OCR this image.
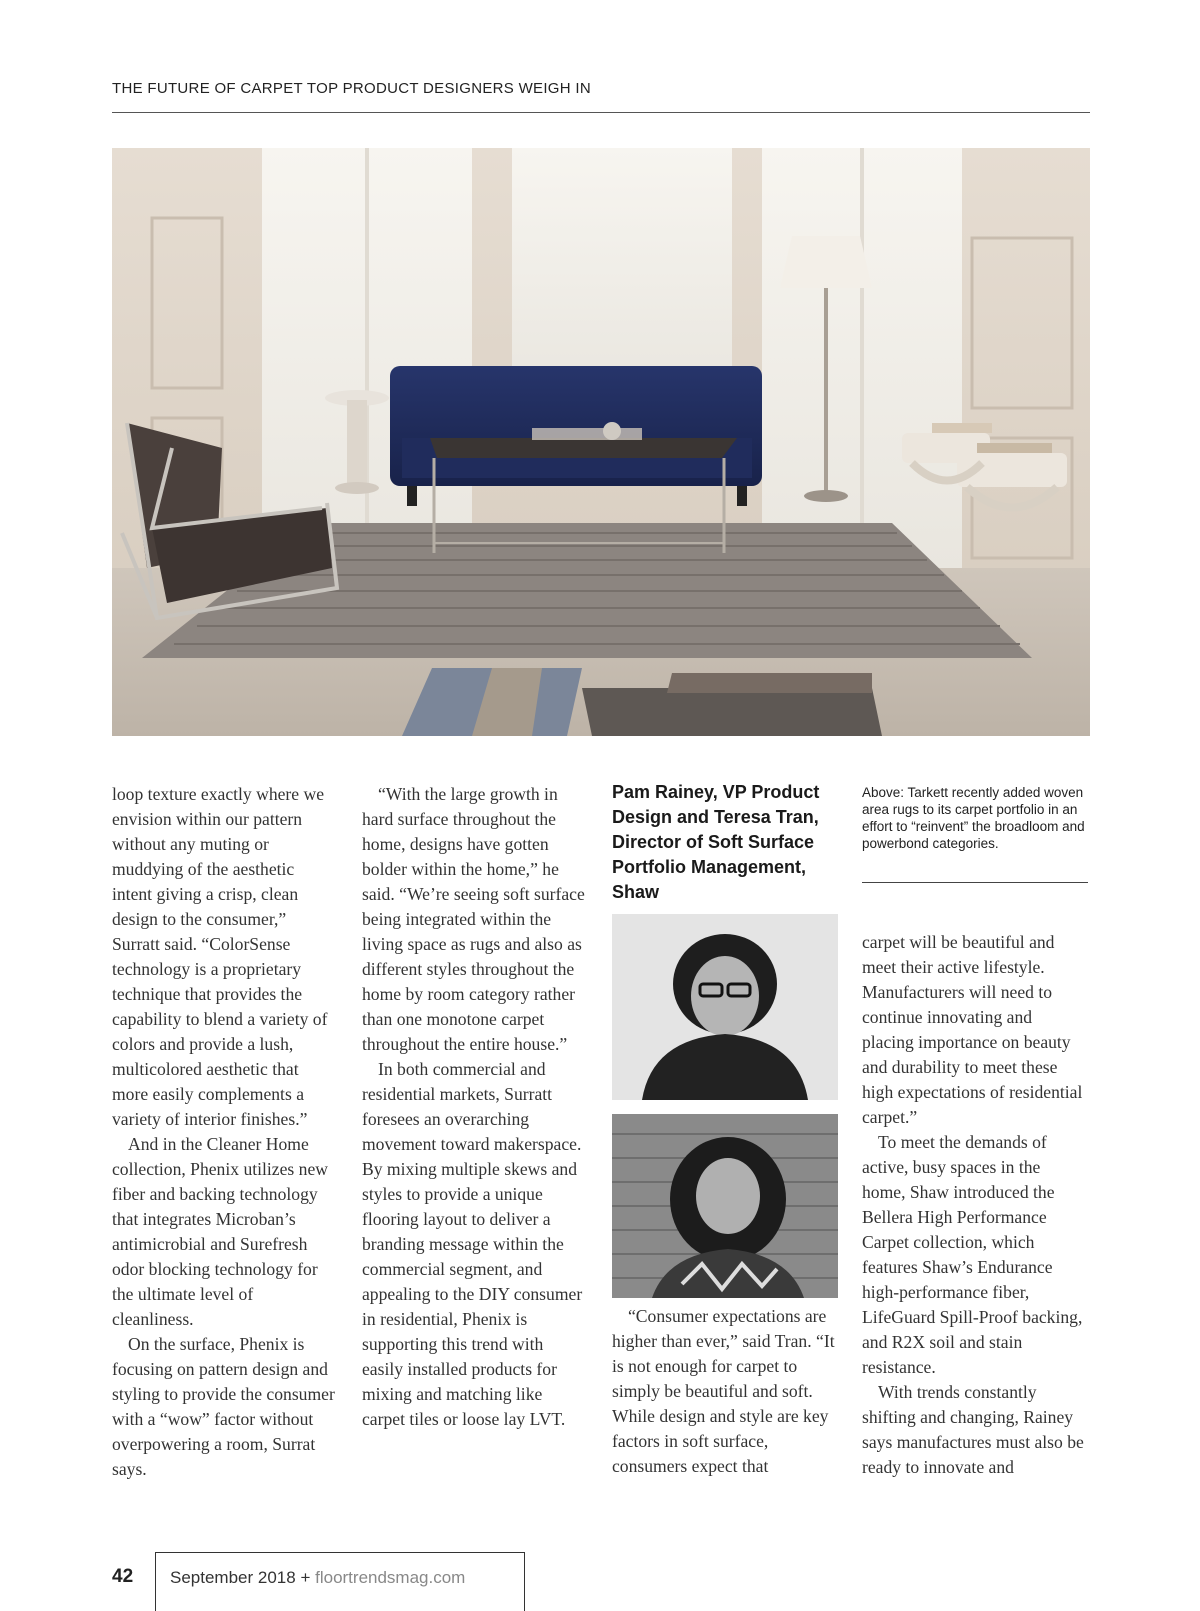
THE FUTURE OF CARPET TOP PRODUCT DESIGNERS WEIGH IN

loop texture exactly where we envision within our pattern without any muting or muddying of the aesthetic intent giving a crisp, clean design to the consumer,” Surratt said. “ColorSense technology is a proprietary technique that provides the capability to blend a variety of colors and provide a lush, multicolored aesthetic that more easily complements a variety of interior finishes.”

And in the Cleaner Home collection, Phenix utilizes new fiber and backing technology that integrates Microban’s antimicrobial and Surefresh odor blocking technology for the ultimate level of cleanliness.

On the surface, Phenix is focusing on pattern design and styling to provide the consumer with a “wow” factor without overpowering a room, Surrat says.

“With the large growth in hard surface throughout the home, designs have gotten bolder within the home,” he said. “We’re seeing soft surface being integrated within the living space as rugs and also as different styles throughout the home by room category rather than one monotone carpet throughout the entire house.”

In both commercial and residential markets, Surratt foresees an overarching movement toward makerspace. By mixing multiple skews and styles to provide a unique flooring layout to deliver a branding message within the commercial segment, and appealing to the DIY consumer in residential, Phenix is supporting this trend with easily installed products for mixing and matching like carpet tiles or loose lay LVT.

Pam Rainey, VP Product Design and Teresa Tran, Director of Soft Surface Portfolio Management, Shaw

“Consumer expectations are higher than ever,” said Tran. “It is not enough for carpet to simply be beautiful and soft. While design and style are key factors in soft surface, consumers expect that

Above: Tarkett recently added woven area rugs to its carpet portfolio in an effort to “reinvent” the broadloom and powerbond categories.

carpet will be beautiful and meet their active lifestyle. Manufacturers will need to continue innovating and placing importance on beauty and durability to meet these high expectations of residential carpet.”

To meet the demands of active, busy spaces in the home, Shaw introduced the Bellera High Performance Carpet collection, which features Shaw’s Endurance high-performance fiber, LifeGuard Spill-Proof backing, and R2X soil and stain resistance.

With trends constantly shifting and changing, Rainey says manufactures must also be ready to innovate and

42 September 2018 + floortrendsmag.com
